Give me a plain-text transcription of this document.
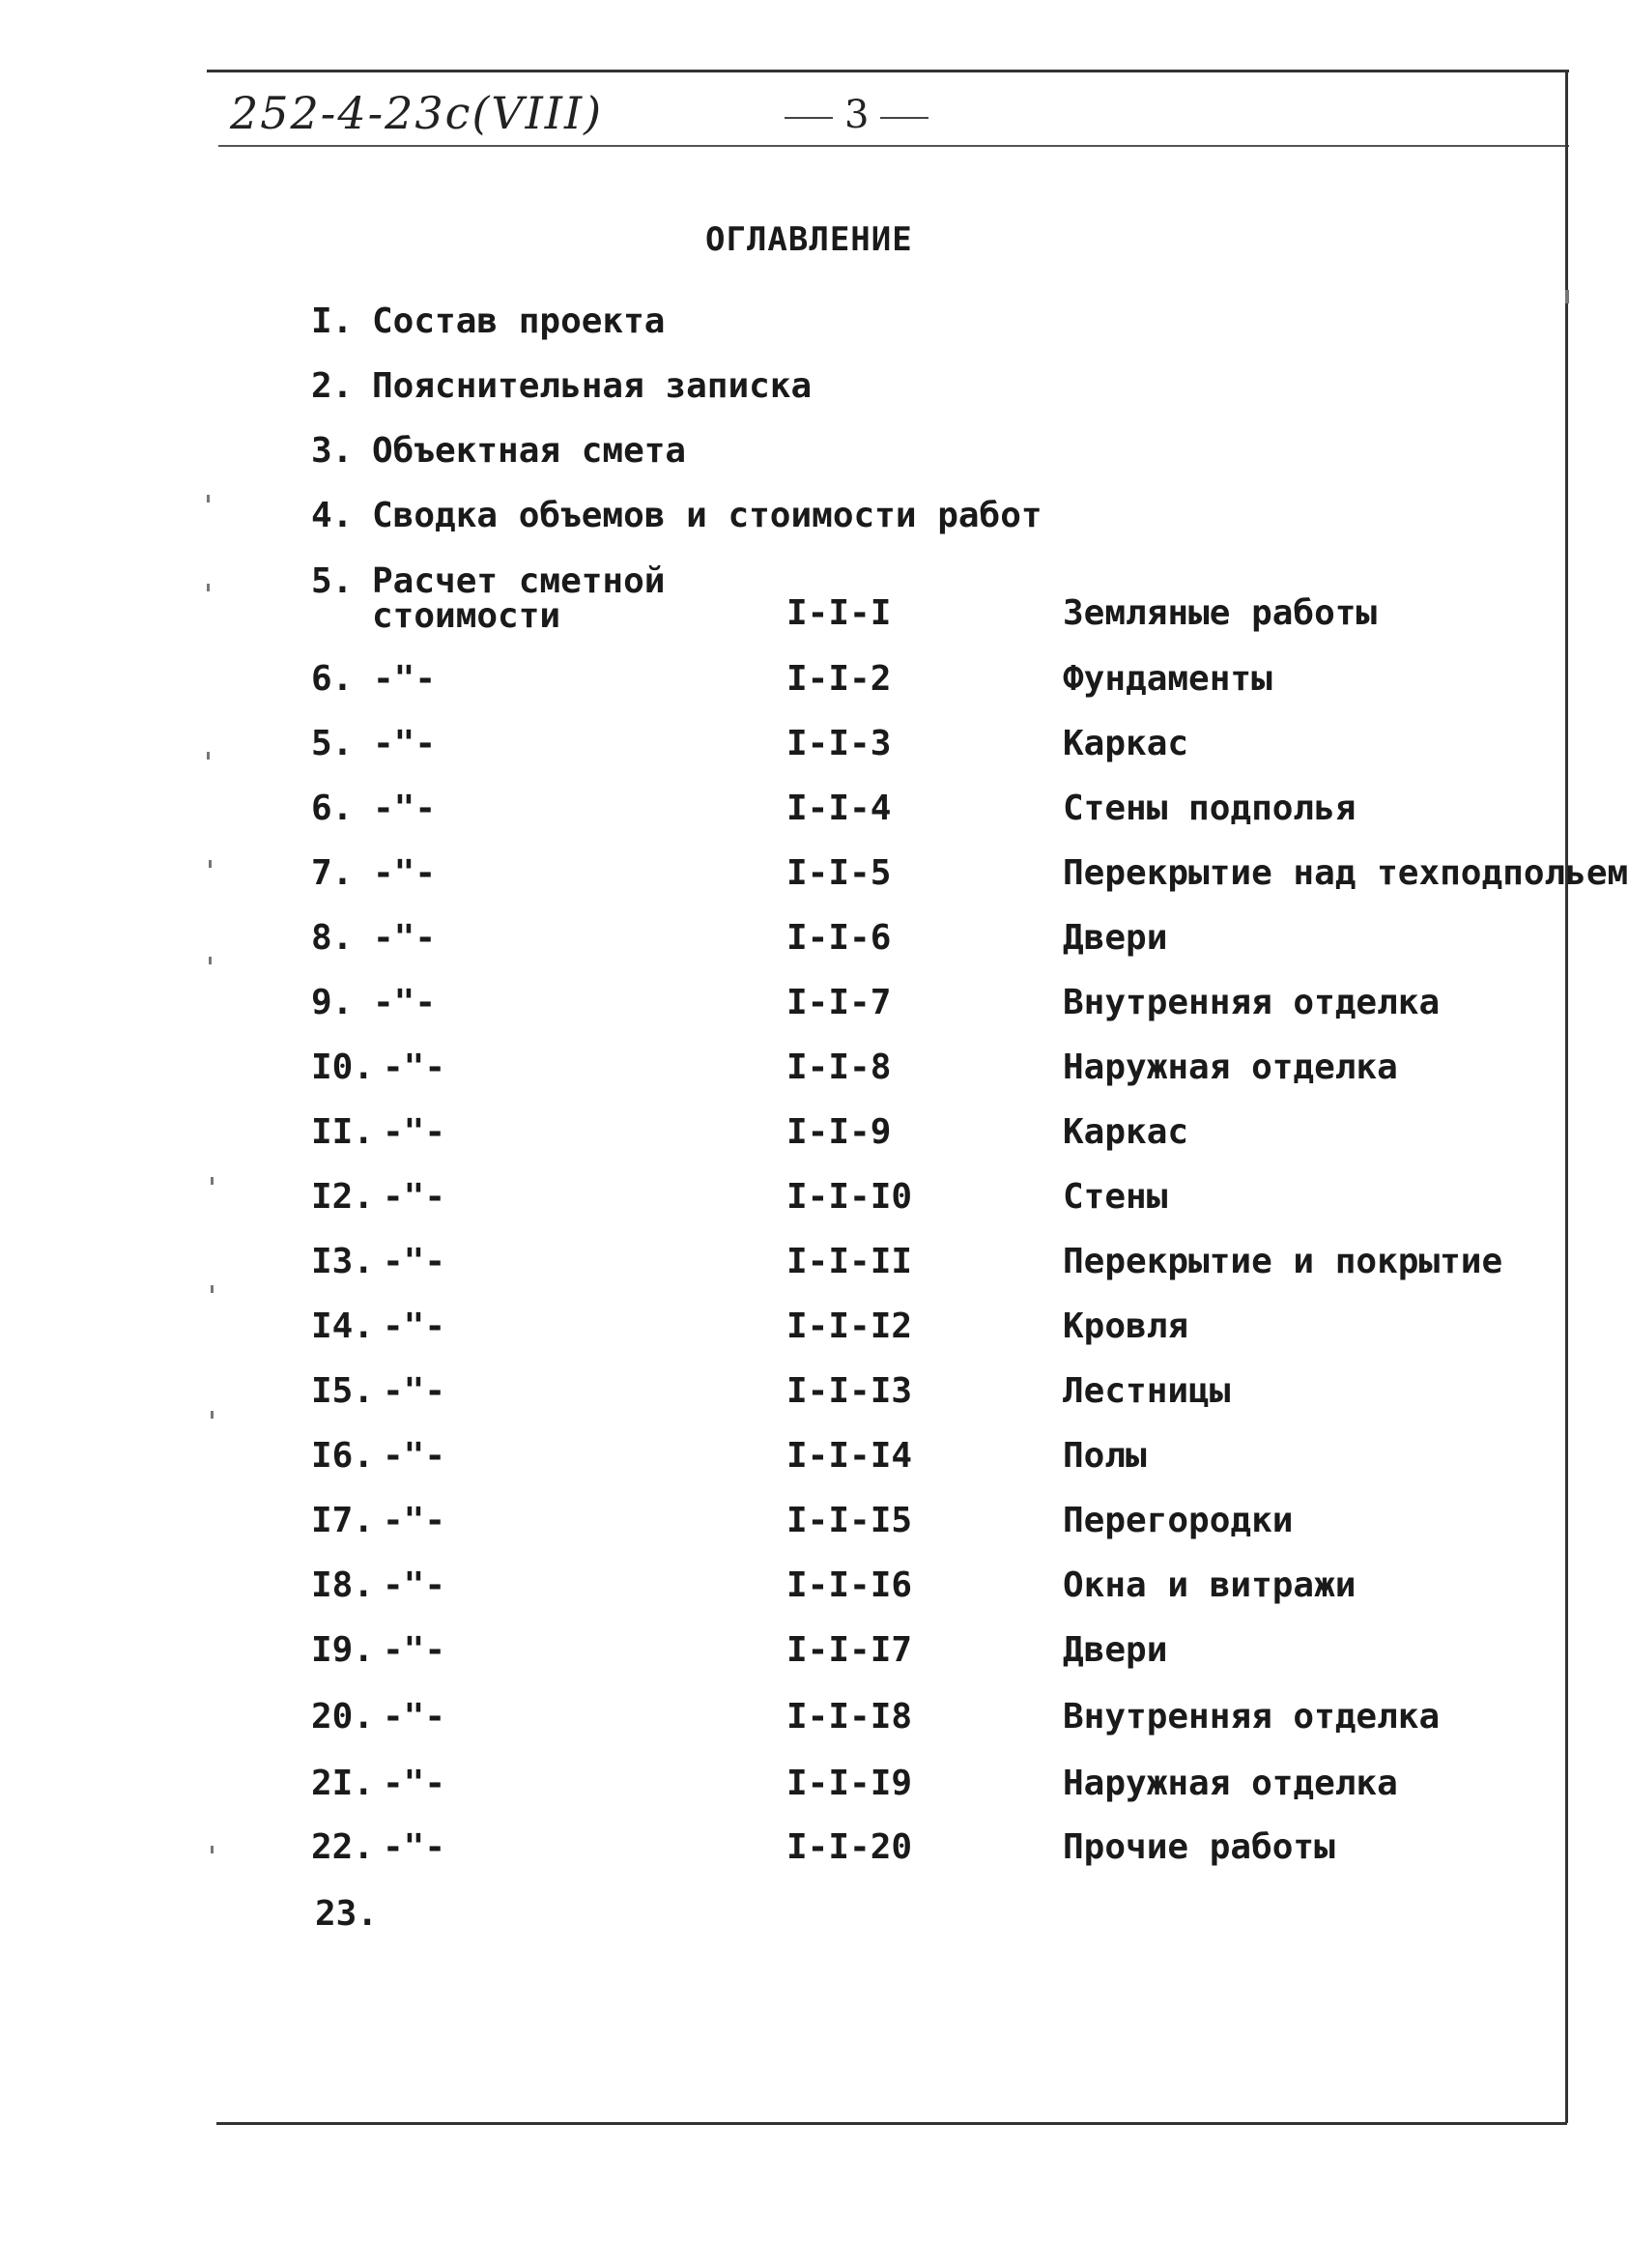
252-4-23с(VIII)	3
ОГЛАВЛЕНИЕ
I. Состав проекта
2. Пояснительная записка
3. Объектная смета
4. Сводка объемов и стоимости работ
5. Расчет сметной
стоимости	I-I-I	Земляные работы
6. -"-	I-I-2	Фундаменты
5. -"-	I-I-3	Каркас
6. -"-	I-I-4	Стены подполья
7. -"-	I-I-5	Перекрытие над техподпольем
8. -"-	I-I-6	Двери
9. -"-	I-I-7	Внутренняя отделка
I0. -"-	I-I-8	Наружная отделка
II. -"-	I-I-9	Каркас
I2. -"-	I-I-I0	Стены
I3. -"-	I-I-II	Перекрытие и покрытие
I4. -"-	I-I-I2	Кровля
I5. -"-	I-I-I3	Лестницы
I6. -"-	I-I-I4	Полы
I7. -"-	I-I-I5	Перегородки
I8. -"-	I-I-I6	Окна и витражи
I9. -"-	I-I-I7	Двери
20. -"-	I-I-I8	Внутренняя отделка
2I. -"-	I-I-I9	Наружная отделка
22. -"-	I-I-20	Прочие работы
23.
